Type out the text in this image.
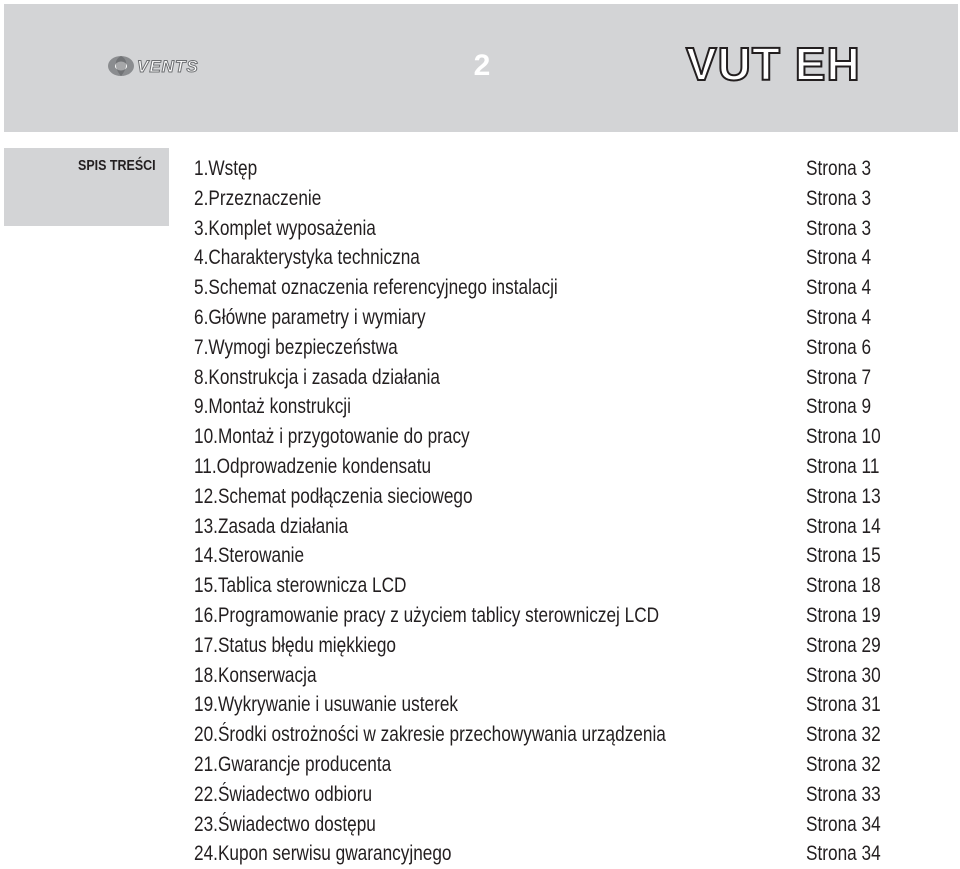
VENTS	2	VUT EH
SPIS TREŚCI 1.Wstęp	Strona 3
2.Przeznaczenie	Strona 3
3.Komplet wyposażenia	Strona 3
4.Charakterystyka techniczna	Strona 4
5.Schemat oznaczenia referencyjnego instalacji	Strona 4
6.Główne parametry i wymiary	Strona 4
7.Wymogi bezpieczeństwa	Strona 6
8.Konstrukcja i zasada działania	Strona 7
9.Montaż konstrukcji	Strona 9
10.Montaż i przygotowanie do pracy	Strona 10
11.Odprowadzenie kondensatu	Strona 11
12.Schemat podłączenia sieciowego	Strona 13
13.Zasada działania	Strona 14
14.Sterowanie	Strona 15
15.Tablica sterownicza LCD	Strona 18
16.Programowanie pracy z użyciem tablicy sterowniczej LCD	Strona 19
17.Status błędu miękkiego	Strona 29
18.Konserwacja	Strona 30
19.Wykrywanie i usuwanie usterek	Strona 31
20.Środki ostrożności w zakresie przechowywania urządzenia	Strona 32
21.Gwarancje producenta	Strona 32
22.Świadectwo odbioru	Strona 33
23.Świadectwo dostępu	Strona 34
24.Kupon serwisu gwarancyjnego	Strona 34
